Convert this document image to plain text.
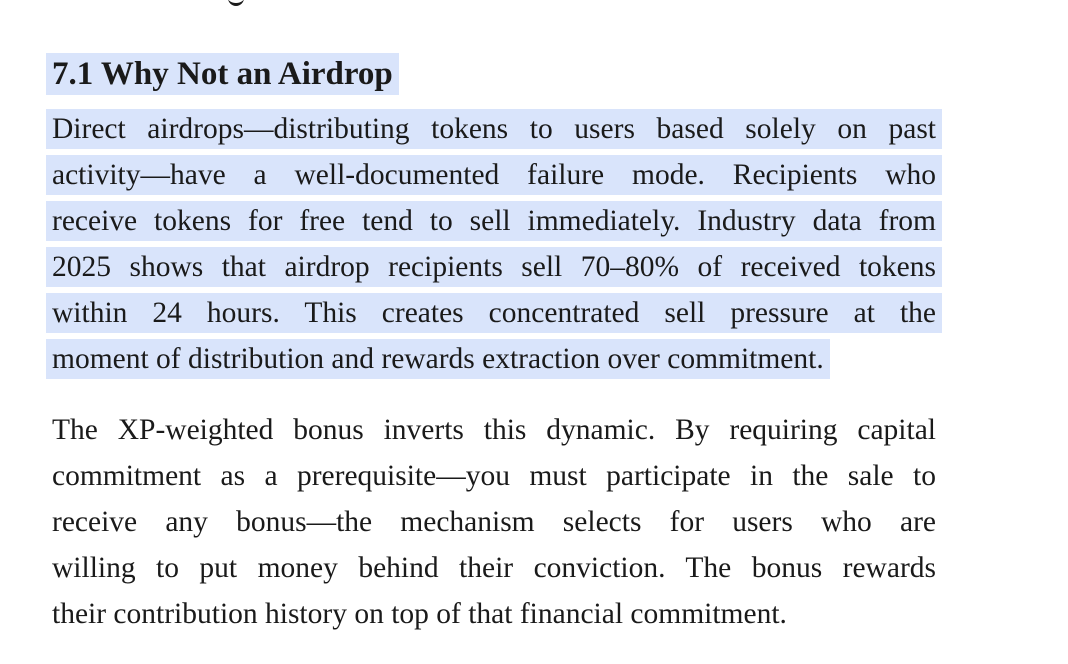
7.1 Why Not an Airdrop
Direct airdrops—distributing tokens to users based solely on past
activity—have a well-documented failure mode. Recipients who
receive tokens for free tend to sell immediately. Industry data from
2025 shows that airdrop recipients sell 70–80% of received tokens
within 24 hours. This creates concentrated sell pressure at the
moment of distribution and rewards extraction over commitment.
The XP-weighted bonus inverts this dynamic. By requiring capital
commitment as a prerequisite—you must participate in the sale to
receive any bonus—the mechanism selects for users who are
willing to put money behind their conviction. The bonus rewards
their contribution history on top of that financial commitment.
